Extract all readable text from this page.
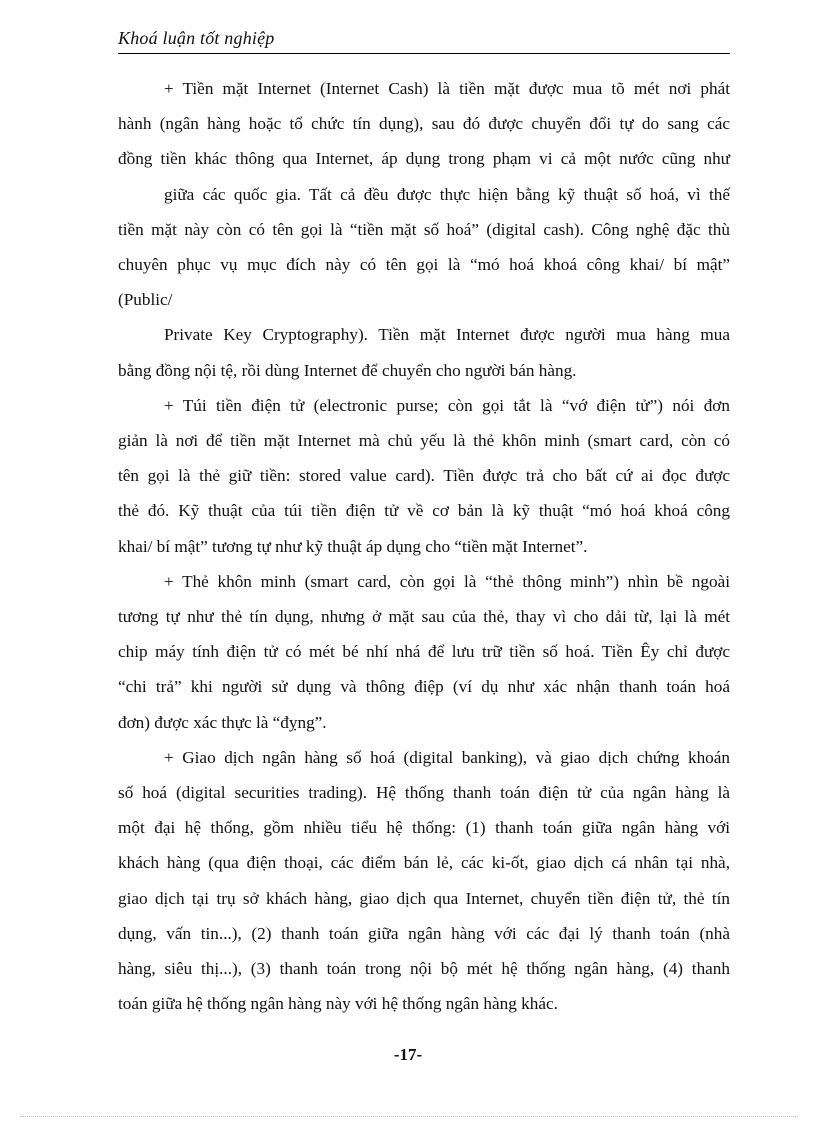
Khoá luận tốt nghiệp

+ Tiền mặt Internet (Internet Cash) là tiền mặt được mua tõ mét nơi phát
hành (ngân hàng hoặc tổ chức tín dụng), sau đó được chuyển đổi tự do sang các
đồng tiền khác thông qua Internet, áp dụng trong phạm vi cả một nước cũng như

giữa các quốc gia. Tất cả đều được thực hiện bằng kỹ thuật số hoá, vì thế
tiền mặt này còn có tên gọi là “tiền mặt số hoá” (digital cash). Công nghệ đặc thù
chuyên phục vụ mục đích này có tên gọi là “mó hoá khoá công khai/ bí mật”
(Public/

Private Key Cryptography). Tiền mặt Internet được người mua hàng mua
bằng đồng nội tệ, rồi dùng Internet để chuyển cho người bán hàng.

+ Túi tiền điện tử (electronic purse; còn gọi tắt là “vớ điện tử”) nói đơn
giản là nơi để tiền mặt Internet mà chủ yếu là thẻ khôn minh (smart card, còn có
tên gọi là thẻ giữ tiền: stored value card). Tiền được trả cho bất cứ ai đọc được
thẻ đó. Kỹ thuật của túi tiền điện tử về cơ bản là kỹ thuật “mó hoá khoá công
khai/ bí mật” tương tự như kỹ thuật áp dụng cho “tiền mặt Internet”.

+ Thẻ khôn minh (smart card, còn gọi là “thẻ thông minh”) nhìn bề ngoài
tương tự như thẻ tín dụng, nhưng ở mặt sau của thẻ, thay vì cho dải từ, lại là mét
chip máy tính điện tử có mét bé nhí nhá để lưu trữ tiền số hoá. Tiền Êy chỉ được
“chi trả” khi người sử dụng và thông điệp (ví dụ như xác nhận thanh toán hoá
đơn) được xác thực là “đỵng”.

+ Giao dịch ngân hàng số hoá (digital banking), và giao dịch chứng khoán
số hoá (digital securities trading). Hệ thống thanh toán điện tử của ngân hàng là
một đại hệ thống, gồm nhiều tiểu hệ thống: (1) thanh toán giữa ngân hàng với
khách hàng (qua điện thoại, các điểm bán lẻ, các ki-ốt, giao dịch cá nhân tại nhà,
giao dịch tại trụ sở khách hàng, giao dịch qua Internet, chuyển tiền điện tử, thẻ tín
dụng, vấn tin...), (2) thanh toán giữa ngân hàng với các đại lý thanh toán (nhà
hàng, siêu thị...), (3) thanh toán trong nội bộ mét hệ thống ngân hàng, (4) thanh
toán giữa hệ thống ngân hàng này với hệ thống ngân hàng khác.

-17-
